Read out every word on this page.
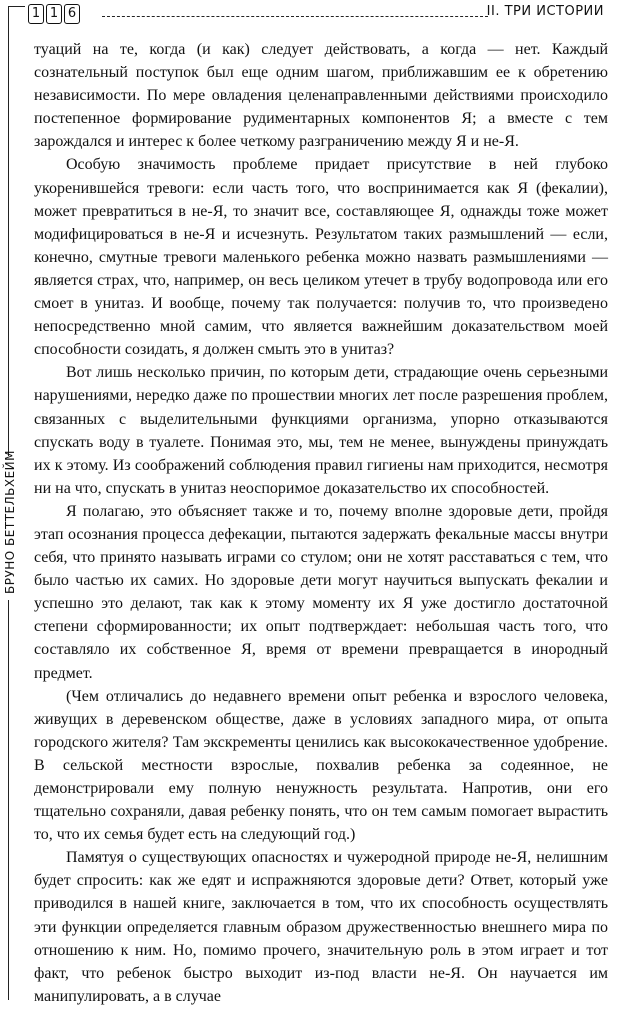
1 1 6	II. ТРИ ИСТОРИИ
БРУНО БЕТТЕЛЬХЕЙМ

туаций на те, когда (и как) следует действовать, а когда — нет. Каждый сознательный поступок был еще одним шагом, приближавшим ее к обретению независимости. По мере овладения целенаправленными действиями происходило постепенное формирование рудиментарных компонентов Я; а вместе с тем зарождался и интерес к более четкому разграничению между Я и не-Я.

Особую значимость проблеме придает присутствие в ней глубоко укоренившейся тревоги: если часть того, что воспринимается как Я (фекалии), может превратиться в не-Я, то значит все, составляющее Я, однажды тоже может модифицироваться в не-Я и исчезнуть. Результатом таких размышлений — если, конечно, смутные тревоги маленького ребенка можно назвать размышлениями — является страх, что, например, он весь целиком утечет в трубу водопровода или его смоет в унитаз. И вообще, почему так получается: получив то, что произведено непосредственно мной самим, что является важнейшим доказательством моей способности созидать, я должен смыть это в унитаз?

Вот лишь несколько причин, по которым дети, страдающие очень серьезными нарушениями, нередко даже по прошествии многих лет после разрешения проблем, связанных с выделительными функциями организма, упорно отказываются спускать воду в туалете. Понимая это, мы, тем не менее, вынуждены принуждать их к этому. Из соображений соблюдения правил гигиены нам приходится, несмотря ни на что, спускать в унитаз неоспоримое доказательство их способностей.

Я полагаю, это объясняет также и то, почему вполне здоровые дети, пройдя этап осознания процесса дефекации, пытаются задержать фекальные массы внутри себя, что принято называть играми со стулом; они не хотят расставаться с тем, что было частью их самих. Но здоровые дети могут научиться выпускать фекалии и успешно это делают, так как к этому моменту их Я уже достигло достаточной степени сформированности; их опыт подтверждает: небольшая часть того, что составляло их собственное Я, время от времени превращается в инородный предмет.

(Чем отличались до недавнего времени опыт ребенка и взрослого человека, живущих в деревенском обществе, даже в условиях западного мира, от опыта городского жителя? Там экскременты ценились как высококачественное удобрение. В сельской местности взрослые, похвалив ребенка за содеянное, не демонстрировали ему полную ненужность результата. Напротив, они его тщательно сохраняли, давая ребенку понять, что он тем самым помогает вырастить то, что их семья будет есть на следующий год.)

Памятуя о существующих опасностях и чужеродной природе не-Я, нелишним будет спросить: как же едят и испражняются здоровые дети? Ответ, который уже приводился в нашей книге, заключается в том, что их способность осуществлять эти функции определяется главным образом дружественностью внешнего мира по отношению к ним. Но, помимо прочего, значительную роль в этом играет и тот факт, что ребенок быстро выходит из-под власти не-Я. Он научается им манипулировать, а в случае
